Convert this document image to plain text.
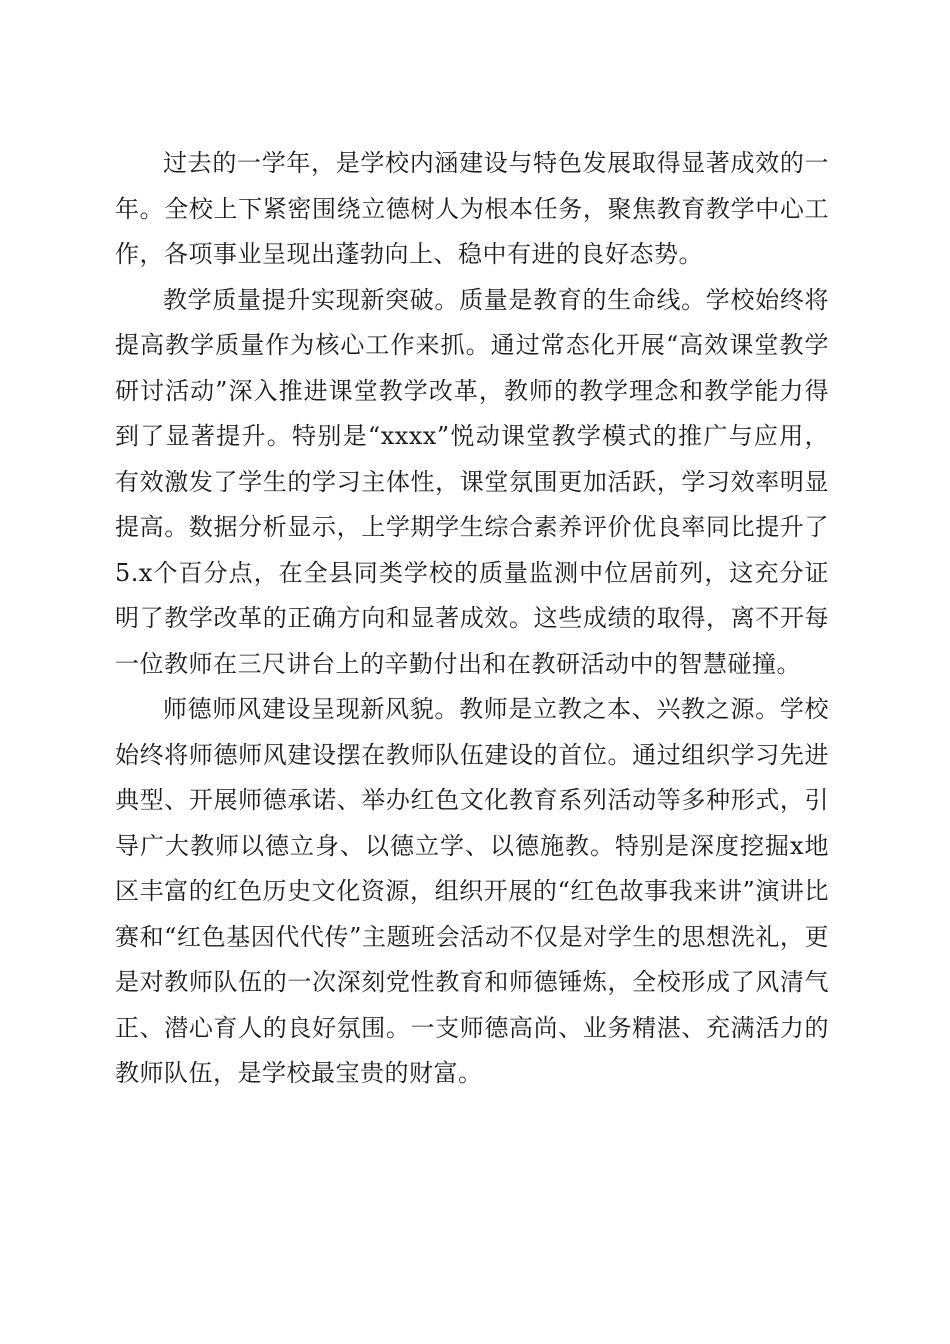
过去的一学年，是学校内涵建设与特色发展取得显著成效的一年。全校上下紧密围绕立德树人为根本任务，聚焦教育教学中心工作，各项事业呈现出蓬勃向上、稳中有进的良好态势。

教学质量提升实现新突破。质量是教育的生命线。学校始终将提高教学质量作为核心工作来抓。通过常态化开展“高效课堂教学研讨活动”深入推进课堂教学改革，教师的教学理念和教学能力得到了显著提升。特别是“xxxx”悦动课堂教学模式的推广与应用，有效激发了学生的学习主体性，课堂氛围更加活跃，学习效率明显提高。数据分析显示，上学期学生综合素养评价优良率同比提升了5.x个百分点，在全县同类学校的质量监测中位居前列，这充分证明了教学改革的正确方向和显著成效。这些成绩的取得，离不开每一位教师在三尺讲台上的辛勤付出和在教研活动中的智慧碰撞。

师德师风建设呈现新风貌。教师是立教之本、兴教之源。学校始终将师德师风建设摆在教师队伍建设的首位。通过组织学习先进典型、开展师德承诺、举办红色文化教育系列活动等多种形式，引导广大教师以德立身、以德立学、以德施教。特别是深度挖掘x地区丰富的红色历史文化资源，组织开展的“红色故事我来讲”演讲比赛和“红色基因代代传”主题班会活动不仅是对学生的思想洗礼，更是对教师队伍的一次深刻党性教育和师德锤炼，全校形成了风清气正、潜心育人的良好氛围。一支师德高尚、业务精湛、充满活力的教师队伍，是学校最宝贵的财富。
